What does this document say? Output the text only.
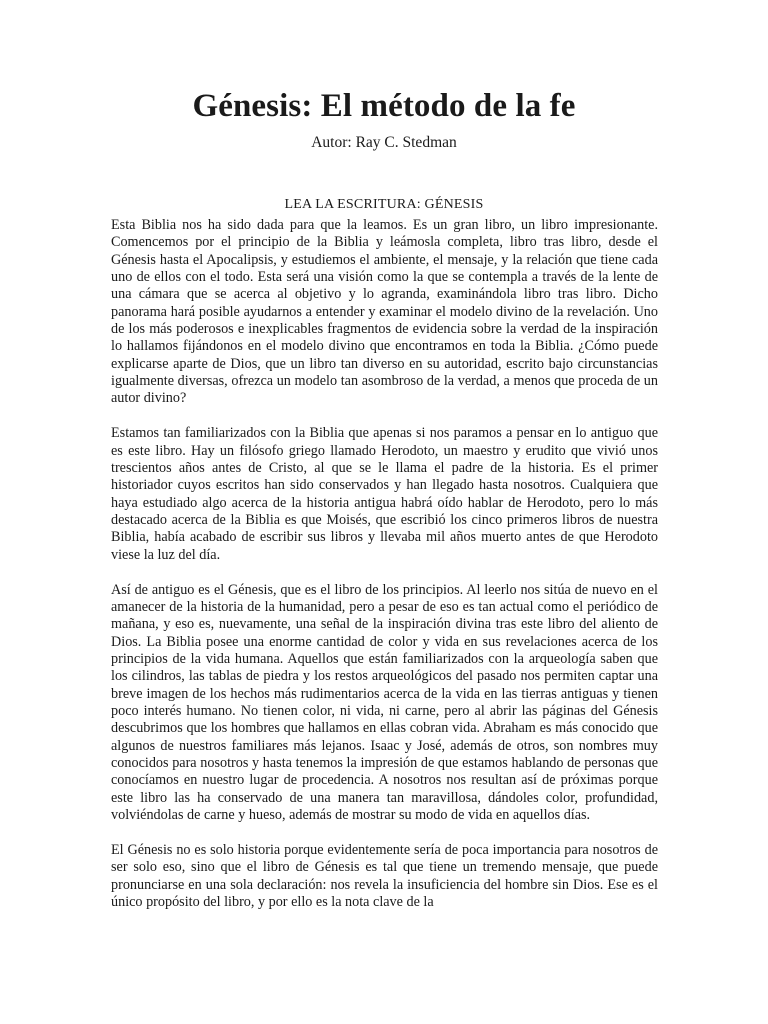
Génesis: El método de la fe
Autor: Ray C. Stedman
LEA LA ESCRITURA: GÉNESIS

Esta Biblia nos ha sido dada para que la leamos. Es un gran libro, un libro impresionante. Comencemos por el principio de la Biblia y leámosla completa, libro tras libro, desde el Génesis hasta el Apocalipsis, y estudiemos el ambiente, el mensaje, y la relación que tiene cada uno de ellos con el todo. Esta será una visión como la que se contempla a través de la lente de una cámara que se acerca al objetivo y lo agranda, examinándola libro tras libro. Dicho panorama hará posible ayudarnos a entender y examinar el modelo divino de la revelación. Uno de los más poderosos e inexplicables fragmentos de evidencia sobre la verdad de la inspiración lo hallamos fijándonos en el modelo divino que encontramos en toda la Biblia. ¿Cómo puede explicarse aparte de Dios, que un libro tan diverso en su autoridad, escrito bajo circunstancias igualmente diversas, ofrezca un modelo tan asombroso de la verdad, a menos que proceda de un autor divino?

Estamos tan familiarizados con la Biblia que apenas si nos paramos a pensar en lo antiguo que es este libro. Hay un filósofo griego llamado Herodoto, un maestro y erudito que vivió unos trescientos años antes de Cristo, al que se le llama el padre de la historia. Es el primer historiador cuyos escritos han sido conservados y han llegado hasta nosotros. Cualquiera que haya estudiado algo acerca de la historia antigua habrá oído hablar de Herodoto, pero lo más destacado acerca de la Biblia es que Moisés, que escribió los cinco primeros libros de nuestra Biblia, había acabado de escribir sus libros y llevaba mil años muerto antes de que Herodoto viese la luz del día.

Así de antiguo es el Génesis, que es el libro de los principios. Al leerlo nos sitúa de nuevo en el amanecer de la historia de la humanidad, pero a pesar de eso es tan actual como el periódico de mañana, y eso es, nuevamente, una señal de la inspiración divina tras este libro del aliento de Dios. La Biblia posee una enorme cantidad de color y vida en sus revelaciones acerca de los principios de la vida humana. Aquellos que están familiarizados con la arqueología saben que los cilindros, las tablas de piedra y los restos arqueológicos del pasado nos permiten captar una breve imagen de los hechos más rudimentarios acerca de la vida en las tierras antiguas y tienen poco interés humano. No tienen color, ni vida, ni carne, pero al abrir las páginas del Génesis descubrimos que los hombres que hallamos en ellas cobran vida. Abraham es más conocido que algunos de nuestros familiares más lejanos. Isaac y José, además de otros, son nombres muy conocidos para nosotros y hasta tenemos la impresión de que estamos hablando de personas que conocíamos en nuestro lugar de procedencia. A nosotros nos resultan así de próximas porque este libro las ha conservado de una manera tan maravillosa, dándoles color, profundidad, volviéndolas de carne y hueso, además de mostrar su modo de vida en aquellos días.

El Génesis no es solo historia porque evidentemente sería de poca importancia para nosotros de ser solo eso, sino que el libro de Génesis es tal que tiene un tremendo mensaje, que puede pronunciarse en una sola declaración: nos revela la insuficiencia del hombre sin Dios. Ese es el único propósito del libro, y por ello es la nota clave de la
